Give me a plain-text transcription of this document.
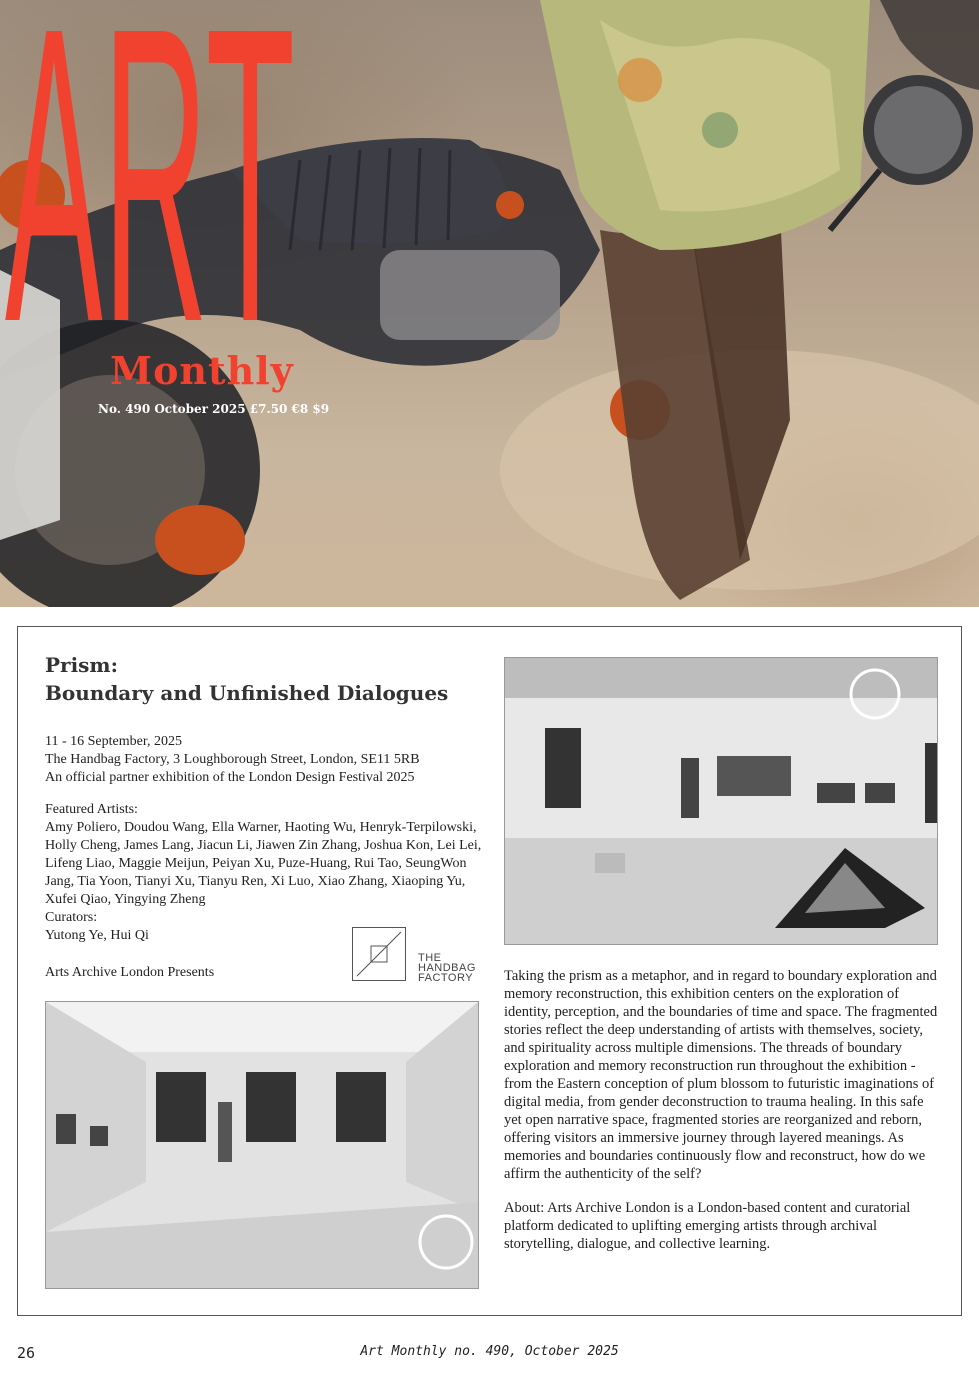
ART
Monthly
No. 490 October 2025 £7.50 €8 $9
Prism:
Boundary and Unfinished Dialogues

11 - 16 September, 2025

The Handbag Factory, 3 Loughborough Street, London, SE11 5RB

An official partner exhibition of the London Design Festival 2025

Featured Artists:

Amy Poliero, Doudou Wang, Ella Warner, Haoting Wu, Henryk-Terpilowski, Holly Cheng, James Lang, Jiacun Li, Jiawen Zin Zhang, Joshua Kon, Lei Lei, Lifeng Liao, Maggie Meijun, Peiyan Xu, Puze-Huang, Rui Tao, SeungWon Jang, Tia Yoon, Tianyi Xu, Tianyu Ren, Xi Luo, Xiao Zhang, Xiaoping Yu, Xufei Qiao, Yingying Zheng

Curators:

Yutong Ye, Hui Qi

Arts Archive London Presents
THE
HANDBAG
FACTORY Taking the prism as a metaphor, and in regard to boundary exploration and memory reconstruction, this exhibition centers on the exploration of identity, perception, and the boundaries of time and space. The fragmented stories reflect the deep understanding of artists with themselves, society, and spirituality across multiple dimensions. The threads of boundary exploration and memory reconstruction run throughout the exhibition - from the Eastern conception of plum blossom to futuristic imaginations of digital media, from gender deconstruction to trauma healing. In this safe yet open narrative space, fragmented stories are reorganized and reborn, offering visitors an immersive journey through layered meanings. As memories and boundaries continuously flow and reconstruct, how do we affirm the authenticity of the self?

About: Arts Archive London is a London-based content and curatorial platform dedicated to uplifting emerging artists through archival storytelling, dialogue, and collective learning.

Art Monthly no. 490, October 2025
26
